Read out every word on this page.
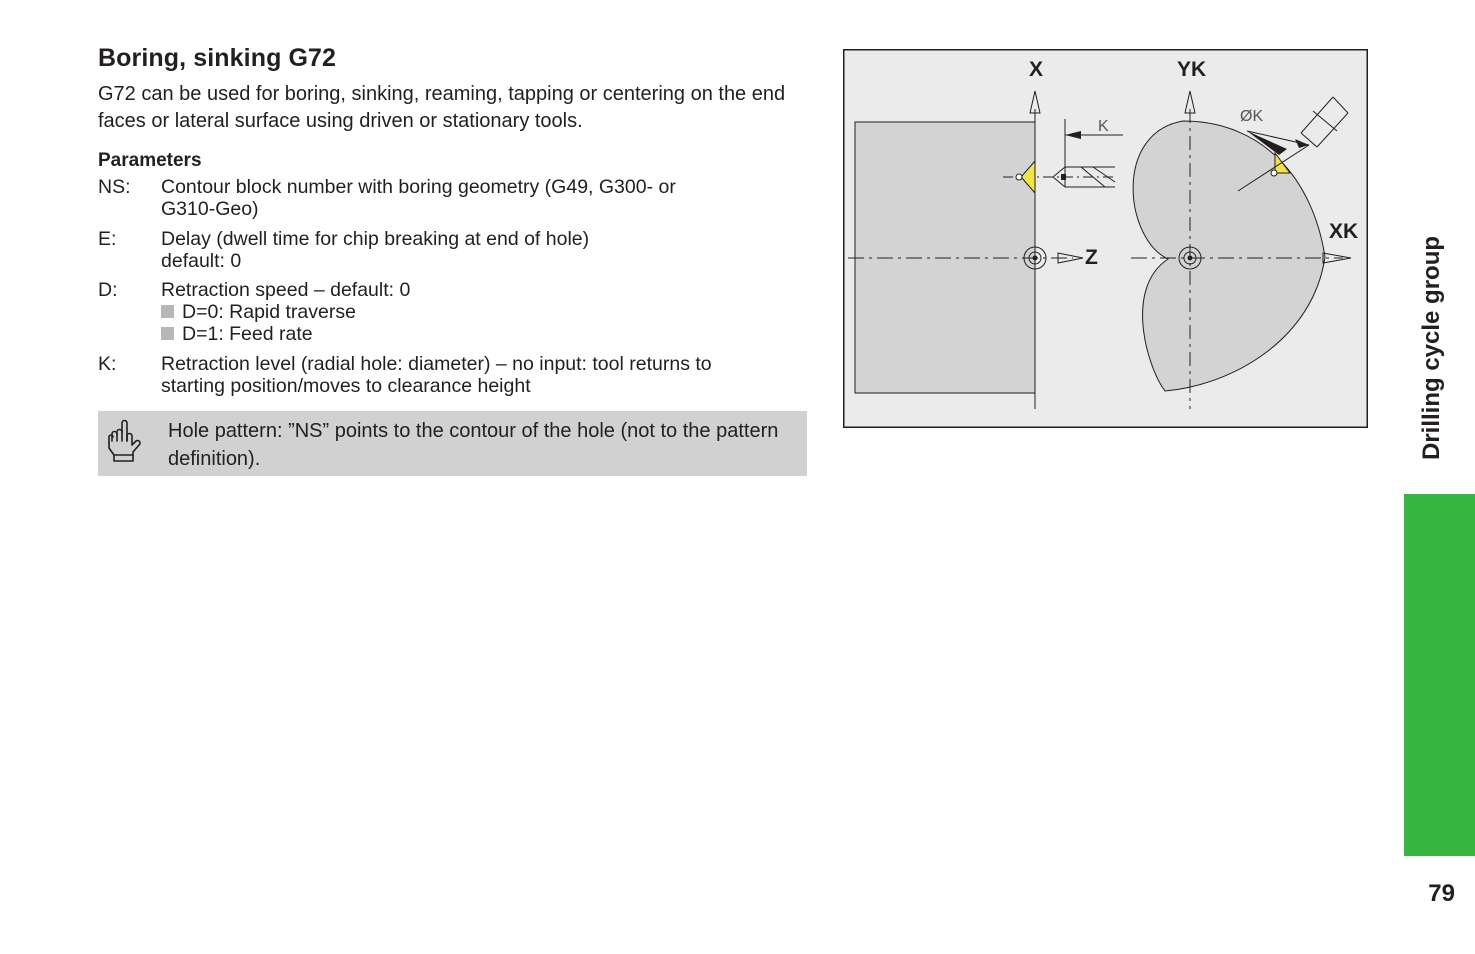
Boring, sinking G72

G72 can be used for boring, sinking, reaming, tapping or centering on the end faces or lateral surface using driven or stationary tools.

Parameters
NS: Contour block number with boring geometry (G49, G300- or
G310-Geo)
E: Delay (dwell time for chip breaking at end of hole)
default: 0
D: Retraction speed – default: 0
D=0: Rapid traverse
D=1: Feed rate
K: Retraction level (radial hole: diameter) – no input: tool returns to
starting position/moves to clearance height
Hole pattern: ”NS” points to the contour of the hole (not to the pattern definition).
X
Z
YK
XK
K
ØK
Drilling cycle group
79
